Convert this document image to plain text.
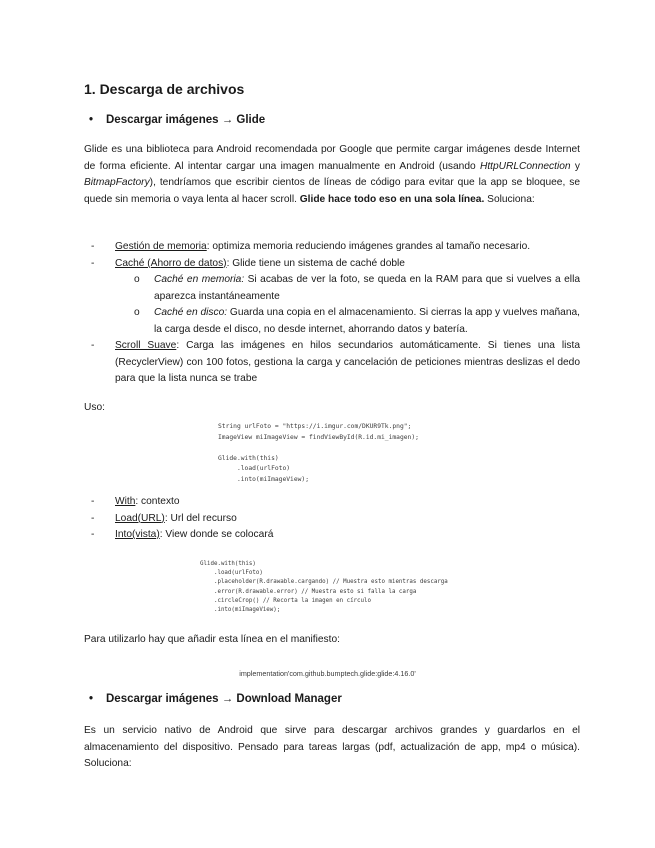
1. Descarga de archivos
• Descargar imágenes → Glide

Glide es una biblioteca para Android recomendada por Google que permite cargar imágenes desde Internet de forma eficiente. Al intentar cargar una imagen manualmente en Android (usando HttpURLConnection y BitmapFactory), tendríamos que escribir cientos de líneas de código para evitar que la app se bloquee, se quede sin memoria o vaya lenta al hacer scroll. Glide hace todo eso en una sola línea. Soluciona:

- Gestión de memoria: optimiza memoria reduciendo imágenes grandes al tamaño necesario.
- Caché (Ahorro de datos): Glide tiene un sistema de caché doble
o Caché en memoria: Si acabas de ver la foto, se queda en la RAM para que si vuelves a ella aparezca instantáneamente
o Caché en disco: Guarda una copia en el almacenamiento. Si cierras la app y vuelves mañana, la carga desde el disco, no desde internet, ahorrando datos y batería.
- Scroll Suave: Carga las imágenes en hilos secundarios automáticamente. Si tienes una lista (RecyclerView) con 100 fotos, gestiona la carga y cancelación de peticiones mientras deslizas el dedo para que la lista nunca se trabe
Uso:
String urlFoto = "https://i.imgur.com/DKUR9Tk.png";
ImageView miImageView = findViewById(R.id.mi_imagen);

Glide.with(this)
.load(urlFoto)
.into(miImageView);
- With: contexto
- Load(URL): Url del recurso
- Into(vista): View donde se colocará
Glide.with(this)
.load(urlFoto)
.placeholder(R.drawable.cargando) // Muestra esto mientras descarga
.error(R.drawable.error) // Muestra esto si falla la carga
.circleCrop() // Recorta la imagen en círculo
.into(miImageView);
Para utilizarlo hay que añadir esta línea en el manifiesto:
implementation'com.github.bumptech.glide:glide:4.16.0'
• Descargar imágenes → Download Manager
Es un servicio nativo de Android que sirve para descargar archivos grandes y guardarlos en el almacenamiento del dispositivo. Pensado para tareas largas (pdf, actualización de app, mp4 o música). Soluciona:
